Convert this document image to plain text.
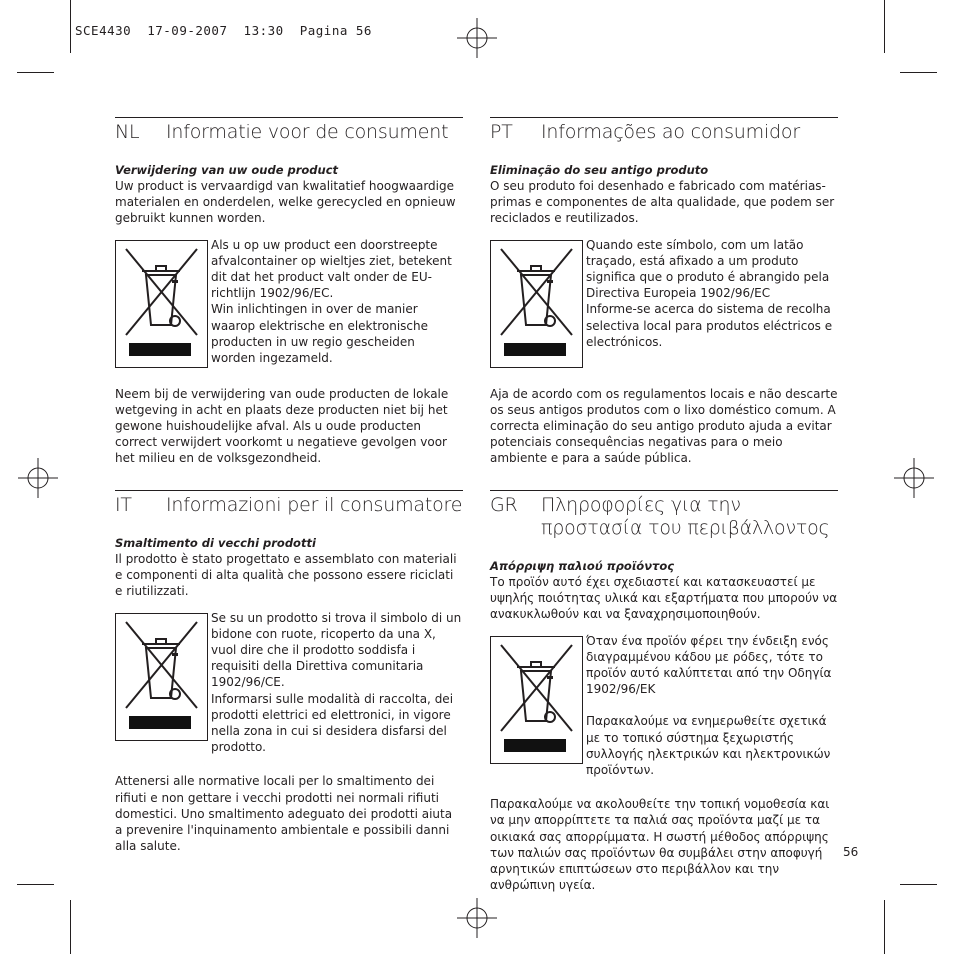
SCE4430  17-09-2007  13:30  Pagina 56
NL	Informatie voor de consument
Verwijdering van uw oude product
Uw product is vervaardigd van kwalitatief hoogwaardige materialen en onderdelen, welke gerecycled en opnieuw gebruikt kunnen worden.
Als u op uw product een doorstreepte afvalcontainer op wieltjes ziet, betekent dit dat het product valt onder de EU-richtlijn 1902/96/EC.
Win inlichtingen in over de manier waarop elektrische en elektronische producten in uw regio gescheiden worden ingezameld.
Neem bij de verwijdering van oude producten de lokale wetgeving in acht en plaats deze producten niet bij het gewone huishoudelijke afval. Als u oude producten correct verwijdert voorkomt u negatieve gevolgen voor het milieu en de volksgezondheid.
IT	Informazioni per il consumatore
Smaltimento di vecchi prodotti
Il prodotto è stato progettato e assemblato con materiali e componenti di alta qualità che possono essere riciclati e riutilizzati.
Se su un prodotto si trova il simbolo di un bidone con ruote, ricoperto da una X, vuol dire che il prodotto soddisfa i requisiti della Direttiva comunitaria 1902/96/CE.
Informarsi sulle modalità di raccolta, dei prodotti elettrici ed elettronici, in vigore nella zona in cui si desidera disfarsi del prodotto.
Attenersi alle normative locali per lo smaltimento dei rifiuti e non gettare i vecchi prodotti nei normali rifiuti domestici. Uno smaltimento adeguato dei prodotti aiuta a prevenire l'inquinamento ambientale e possibili danni alla salute.
PT	Informações ao consumidor
Eliminação do seu antigo produto
O seu produto foi desenhado e fabricado com matérias-primas e componentes de alta qualidade, que podem ser reciclados e reutilizados.
Quando este símbolo, com um latão traçado, está afixado a um produto significa que o produto é abrangido pela Directiva Europeia 1902/96/EC
Informe-se acerca do sistema de recolha selectiva local para produtos eléctricos e electrónicos.
Aja de acordo com os regulamentos locais e não descarte os seus antigos produtos com o lixo doméstico comum. A correcta eliminação do seu antigo produto ajuda a evitar potenciais consequências negativas para o meio ambiente e para a saúde pública.
GR	Πληροφορίες για την προστασία του περιβάλλοντος
Απόρριψη παλιού προϊόντος
Το προϊόν αυτό έχει σχεδιαστεί και κατασκευαστεί με υψηλής ποιότητας υλικά και εξαρτήματα που μπορούν να ανακυκλωθούν και να ξαναχρησιμοποιηθούν.
Όταν ένα προϊόν φέρει την ένδειξη ενός διαγραμμένου κάδου με ρόδες, τότε το προϊόν αυτό καλύπτεται από την Οδηγία 1902/96/ΕΚ
Παρακαλούμε να ενημερωθείτε σχετικά με το τοπικό σύστημα ξεχωριστής συλλογής ηλεκτρικών και ηλεκτρονικών προϊόντων.
Παρακαλούμε να ακολουθείτε την τοπική νομοθεσία και να μην απορρίπτετε τα παλιά σας προϊόντα μαζί με τα οικιακά σας απορρίμματα. Η σωστή μέθοδος απόρριψης των παλιών σας προϊόντων θα συμβάλει στην αποφυγή αρνητικών επιπτώσεων στο περιβάλλον και την ανθρώπινη υγεία.
56
